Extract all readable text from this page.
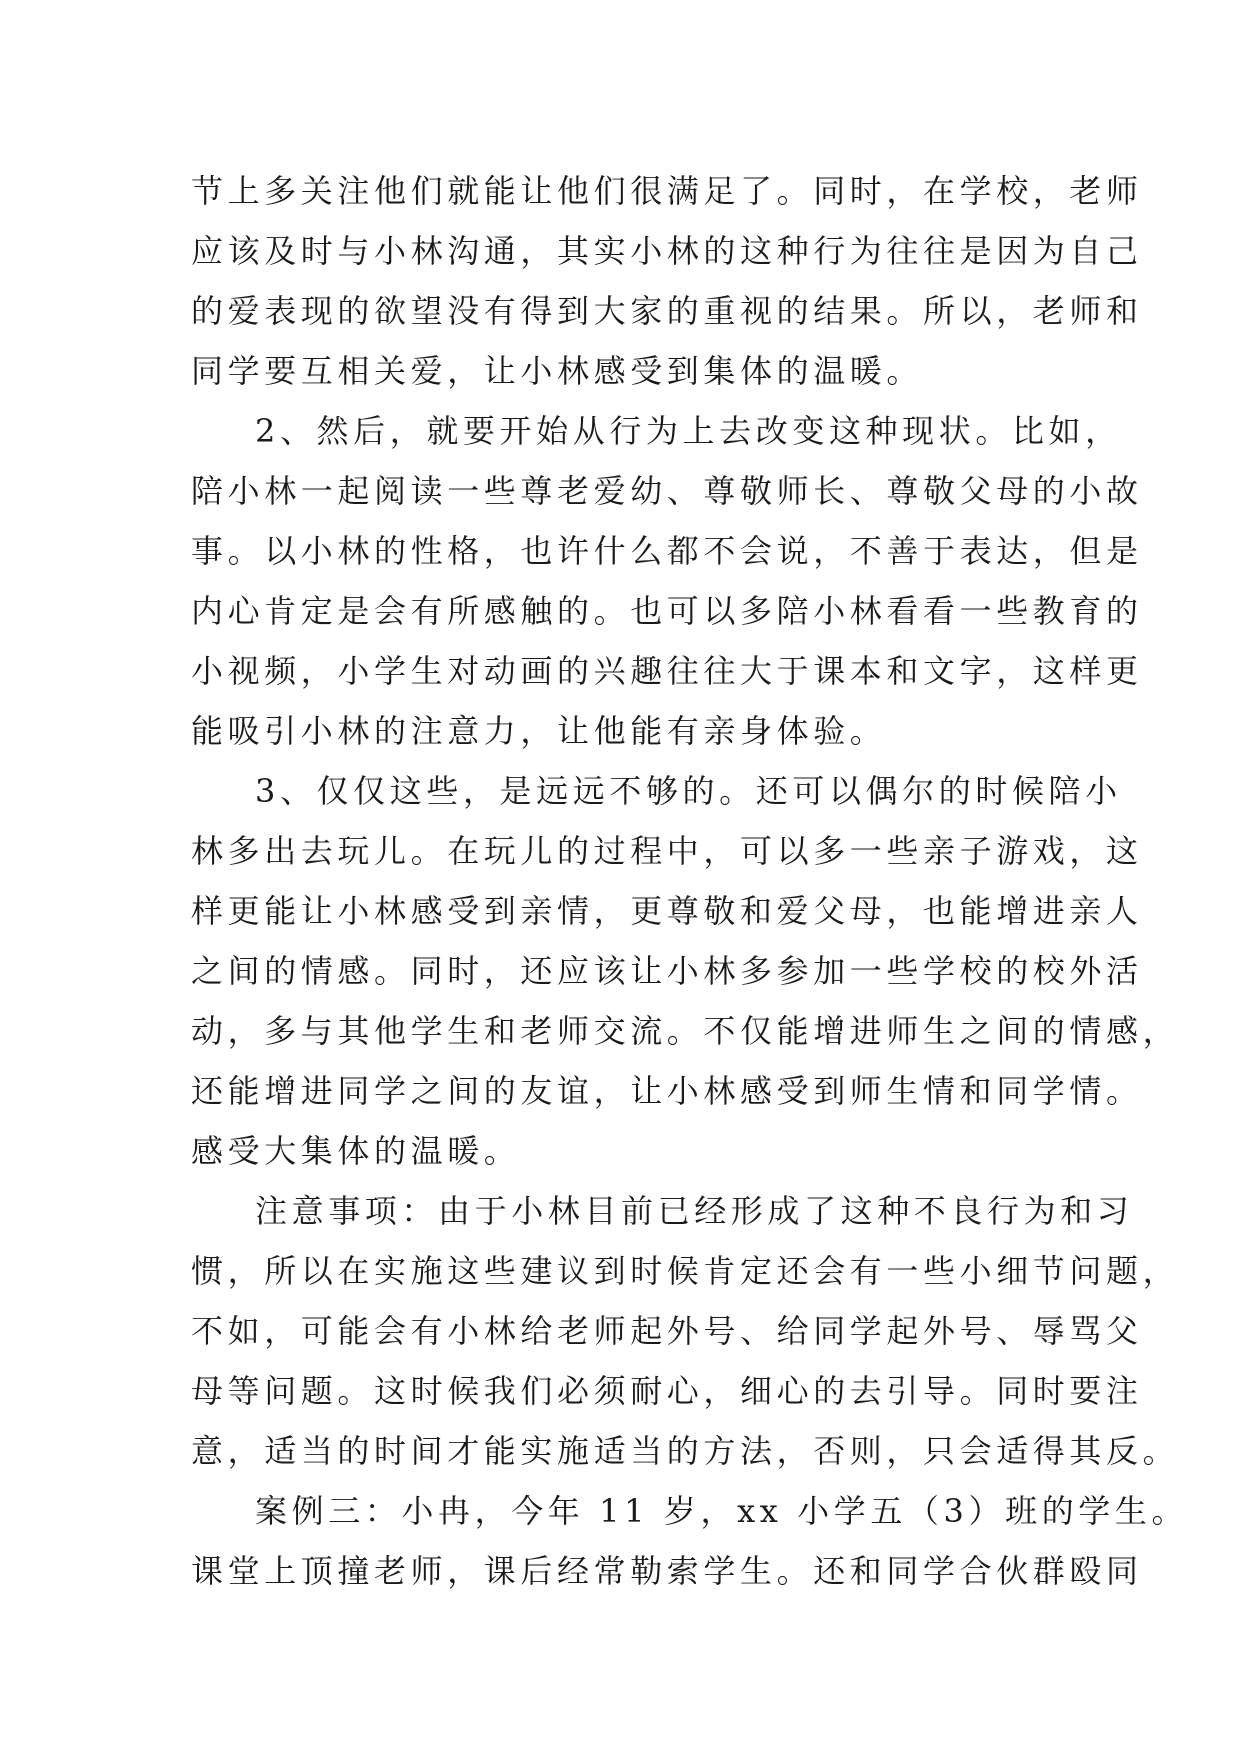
节上多关注他们就能让他们很满足了。同时，在学校，老师
应该及时与小林沟通，其实小林的这种行为往往是因为自己
的爱表现的欲望没有得到大家的重视的结果。所以，老师和
同学要互相关爱，让小林感受到集体的温暖。
2、然后，就要开始从行为上去改变这种现状。比如，
陪小林一起阅读一些尊老爱幼、尊敬师长、尊敬父母的小故
事。以小林的性格，也许什么都不会说，不善于表达，但是
内心肯定是会有所感触的。也可以多陪小林看看一些教育的
小视频，小学生对动画的兴趣往往大于课本和文字，这样更
能吸引小林的注意力，让他能有亲身体验。
3、仅仅这些，是远远不够的。还可以偶尔的时候陪小
林多出去玩儿。在玩儿的过程中，可以多一些亲子游戏，这
样更能让小林感受到亲情，更尊敬和爱父母，也能增进亲人
之间的情感。同时，还应该让小林多参加一些学校的校外活
动，多与其他学生和老师交流。不仅能增进师生之间的情感，
还能增进同学之间的友谊，让小林感受到师生情和同学情。
感受大集体的温暖。
注意事项：由于小林目前已经形成了这种不良行为和习
惯，所以在实施这些建议到时候肯定还会有一些小细节问题，
不如，可能会有小林给老师起外号、给同学起外号、辱骂父
母等问题。这时候我们必须耐心，细心的去引导。同时要注
意，适当的时间才能实施适当的方法，否则，只会适得其反。
案例三：小冉，今年 11 岁，xx 小学五（3）班的学生。
课堂上顶撞老师，课后经常勒索学生。还和同学合伙群殴同
